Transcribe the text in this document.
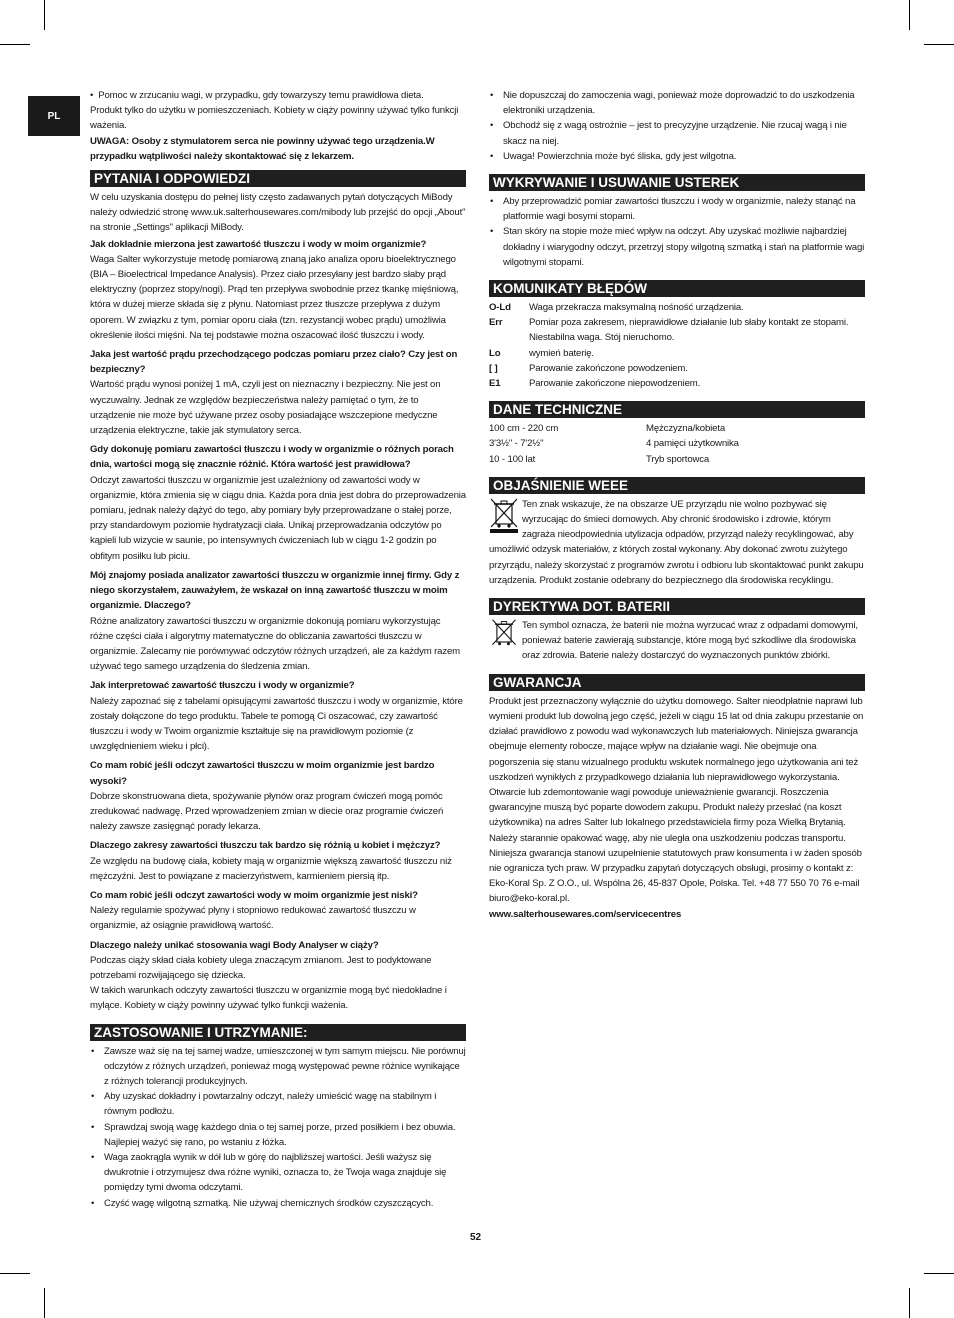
PL
•  Pomoc w zrzucaniu wagi, w przypadku, gdy towarzyszy temu prawidłowa dieta.

Produkt tylko do użytku w pomieszczeniach. Kobiety w ciąży powinny używać tylko funkcji ważenia.

UWAGA: Osoby z stymulatorem serca nie powinny używać tego urządzenia.W przypadku wątpliwości należy skontaktować się z lekarzem.

PYTANIA I ODPOWIEDZI

W celu uzyskania dostępu do pełnej listy często zadawanych pytań dotyczących MiBody należy odwiedzić stronę www.uk.salterhousewares.com/mibody lub przejść do opcji „About" na stronie „Settings" aplikacji MiBody.

Jak dokładnie mierzona jest zawartość tłuszczu i wody w moim organizmie?

Waga Salter wykorzystuje metodę pomiarową znaną jako analiza oporu bioelektrycznego (BIA – Bioelectrical Impedance Analysis). Przez ciało przesyłany jest bardzo słaby prąd elektryczny (poprzez stopy/nogi). Prąd ten przepływa swobodnie przez tkankę mięśniową, która w dużej mierze składa się z płynu. Natomiast przez tłuszcze przepływa z dużym oporem. W związku z tym, pomiar oporu ciała (tzn. rezystancji wobec prądu) umożliwia określenie ilości mięśni. Na tej podstawie można oszacować ilość tłuszczu i wody.

Jaka jest wartość prądu przechodzącego podczas pomiaru przez ciało? Czy jest on bezpieczny?

Wartość prądu wynosi poniżej 1 mA, czyli jest on nieznaczny i bezpieczny. Nie jest on wyczuwalny. Jednak ze względów bezpieczeństwa należy pamiętać o tym, że to urządzenie nie może być używane przez osoby posiadające wszczepione medyczne urządzenia elektryczne, takie jak stymulatory serca.

Gdy dokonuję pomiaru zawartości tłuszczu i wody w organizmie o różnych porach dnia, wartości mogą się znacznie różnić. Która wartość jest prawidłowa?

Odczyt zawartości tłuszczu w organizmie jest uzależniony od zawartości wody w organizmie, która zmienia się w ciągu dnia. Każda pora dnia jest dobra do przeprowadzenia pomiaru, jednak należy dążyć do tego, aby pomiary były przeprowadzane o stałej porze, przy standardowym poziomie hydratyzacji ciała. Unikaj przeprowadzania odczytów po kąpieli lub wizycie w saunie, po intensywnych ćwiczeniach lub w ciągu 1-2 godzin po obfitym posiłku lub piciu.

Mój znajomy posiada analizator zawartości tłuszczu w organizmie innej firmy. Gdy z niego skorzystałem, zauważyłem, że wskazał on inną zawartość tłuszczu w moim organizmie. Dlaczego?

Różne analizatory zawartości tłuszczu w organizmie dokonują pomiaru wykorzystując różne części ciała i algorytmy matematyczne do obliczania zawartości tłuszczu w organizmie. Zalecamy nie porównywać odczytów różnych urządzeń, ale za każdym razem używać tego samego urządzenia do śledzenia zmian.

Jak interpretować zawartość tłuszczu i wody w organizmie?

Należy zapoznać się z tabelami opisującymi zawartość tłuszczu i wody w organizmie, które zostały dołączone do tego produktu. Tabele te pomogą Ci oszacować, czy zawartość tłuszczu i wody w Twoim organizmie kształtuje się na prawidłowym poziomie (z uwzględnieniem wieku i płci).

Co mam robić jeśli odczyt zawartości tłuszczu w moim organizmie jest bardzo wysoki?

Dobrze skonstruowana dieta, spożywanie płynów oraz program ćwiczeń mogą pomóc zredukować nadwagę. Przed wprowadzeniem zmian w diecie oraz programie ćwiczeń należy zawsze zasięgnąć porady lekarza.

Dlaczego zakresy zawartości tłuszczu tak bardzo się różnią u kobiet i mężczyz?

Ze względu na budowę ciała, kobiety mają w organizmie większą zawartość tłuszczu niż mężczyźni. Jest to powiązane z macierzyństwem, karmieniem piersią itp.

Co mam robić jeśli odczyt zawartości wody w moim organizmie jest niski?

Należy regularnie spożywać płyny i stopniowo redukować zawartość tłuszczu w organizmie, aż osiągnie prawidłową wartość.

Dlaczego należy unikać stosowania wagi Body Analyser w ciąży?

Podczas ciąży skład ciała kobiety ulega znaczącym zmianom. Jest to podyktowane potrzebami rozwijającego się dziecka.

W takich warunkach odczyty zawartości tłuszczu w organizmie mogą być niedokładne i mylące. Kobiety w ciąży powinny używać tylko funkcji ważenia.

ZASTOSOWANIE I UTRZYMANIE:
• Zawsze waż się na tej samej wadze, umieszczonej w tym samym miejscu. Nie porównuj odczytów z różnych urządzeń, ponieważ mogą występować pewne różnice wynikające z różnych tolerancji produkcyjnych.
• Aby uzyskać dokładny i powtarzalny odczyt, należy umieścić wagę na stabilnym i równym podłożu.
• Sprawdzaj swoją wagę każdego dnia o tej samej porze, przed posiłkiem i bez obuwia. Najlepiej ważyć się rano, po wstaniu z łóżka.
• Waga zaokrągla wynik w dół lub w górę do najbliższej wartości. Jeśli ważysz się dwukrotnie i otrzymujesz dwa różne wyniki, oznacza to, że Twoja waga znajduje się pomiędzy tymi dwoma odczytami.
• Czyść wagę wilgotną szmatką. Nie używaj chemicznych środków czyszczących.
• Nie dopuszczaj do zamoczenia wagi, ponieważ może doprowadzić to do uszkodzenia elektroniki urządzenia.
• Obchodź się z wagą ostrożnie – jest to precyzyjne urządzenie. Nie rzucaj wagą i nie skacz na niej.
• Uwaga! Powierzchnia może być śliska, gdy jest wilgotna.
WYKRYWANIE I USUWANIE USTEREK
• Aby przeprowadzić pomiar zawartości tłuszczu i wody w organizmie, należy stanąć na platformie wagi bosymi stopami.
• Stan skóry na stopie może mieć wpływ na odczyt. Aby uzyskać możliwie najbardziej dokładny i wiarygodny odczyt, przetrzyj stopy wilgotną szmatką i stań na platformie wagi wilgotnymi stopami.
KOMUNIKATY BŁĘDÓW
O-Ld	Waga przekracza maksymalną nośność urządzenia.
Err	Pomiar poza zakresem, nieprawidłowe działanie lub słaby kontakt ze stopami. Niestabilna waga. Stój nieruchomo.
Lo	wymień baterię.
[ ]	Parowanie zakończone powodzeniem.
E1	Parowanie zakończone niepowodzeniem.
DANE TECHNICZNE
100 cm - 220 cm	Mężczyzna/kobieta
3'3½" - 7'2½"	4 pamięci użytkownika
10 - 100 lat	Tryb sportowca
OBJAŚNIENIE WEEE

Ten znak wskazuje, że na obszarze UE przyrządu nie wolno pozbywać się wyrzucając do śmieci domowych. Aby chronić środowisko i zdrowie, którym zagraża nieodpowiednia utylizacja odpadów, przyrząd należy recyklingować, aby umożliwić odzysk materiałów, z których został wykonany. Aby dokonać zwrotu zużytego przyrządu, należy skorzystać z programów zwrotu i odbioru lub skontaktować punkt zakupu urządzenia. Produkt zostanie odebrany do bezpiecznego dla środowiska recyklingu.

DYREKTYWA DOT. BATERII

Ten symbol oznacza, że baterii nie można wyrzucać wraz z odpadami domowymi, ponieważ baterie zawierają substancje, które mogą być szkodliwe dla środowiska oraz zdrowia. Baterie należy dostarczyć do wyznaczonych punktów zbiórki.

GWARANCJA

Produkt jest przeznaczony wyłącznie do użytku domowego. Salter nieodpłatnie naprawi lub wymieni produkt lub dowolną jego część, jeżeli w ciągu 15 lat od dnia zakupu przestanie on działać prawidłowo z powodu wad wykonawczych lub materiałowych. Niniejsza gwarancja obejmuje elementy robocze, mające wpływ na działanie wagi. Nie obejmuje ona pogorszenia się stanu wizualnego produktu wskutek normalnego jego użytkowania ani też uszkodzeń wynikłych z przypadkowego działania lub nieprawidłowego wykorzystania. Otwarcie lub zdemontowanie wagi powoduje unieważnienie gwarancji. Roszczenia gwarancyjne muszą być poparte dowodem zakupu. Produkt należy przesłać (na koszt użytkownika) na adres Salter lub lokalnego przedstawiciela firmy poza Wielką Brytanią. Należy starannie opakować wagę, aby nie uległa ona uszkodzeniu podczas transportu. Niniejsza gwarancja stanowi uzupełnienie statutowych praw konsumenta i w żaden sposób nie ogranicza tych praw. W przypadku zapytań dotyczących obsługi, prosimy o kontakt z: Eko-Koral Sp. Z O.O., ul. Wspólna 26, 45-837 Opole, Polska. Tel. +48 77 550 70 76 e-mail biuro@eko-koral.pl.

www.salterhousewares.com/servicecentres

52
